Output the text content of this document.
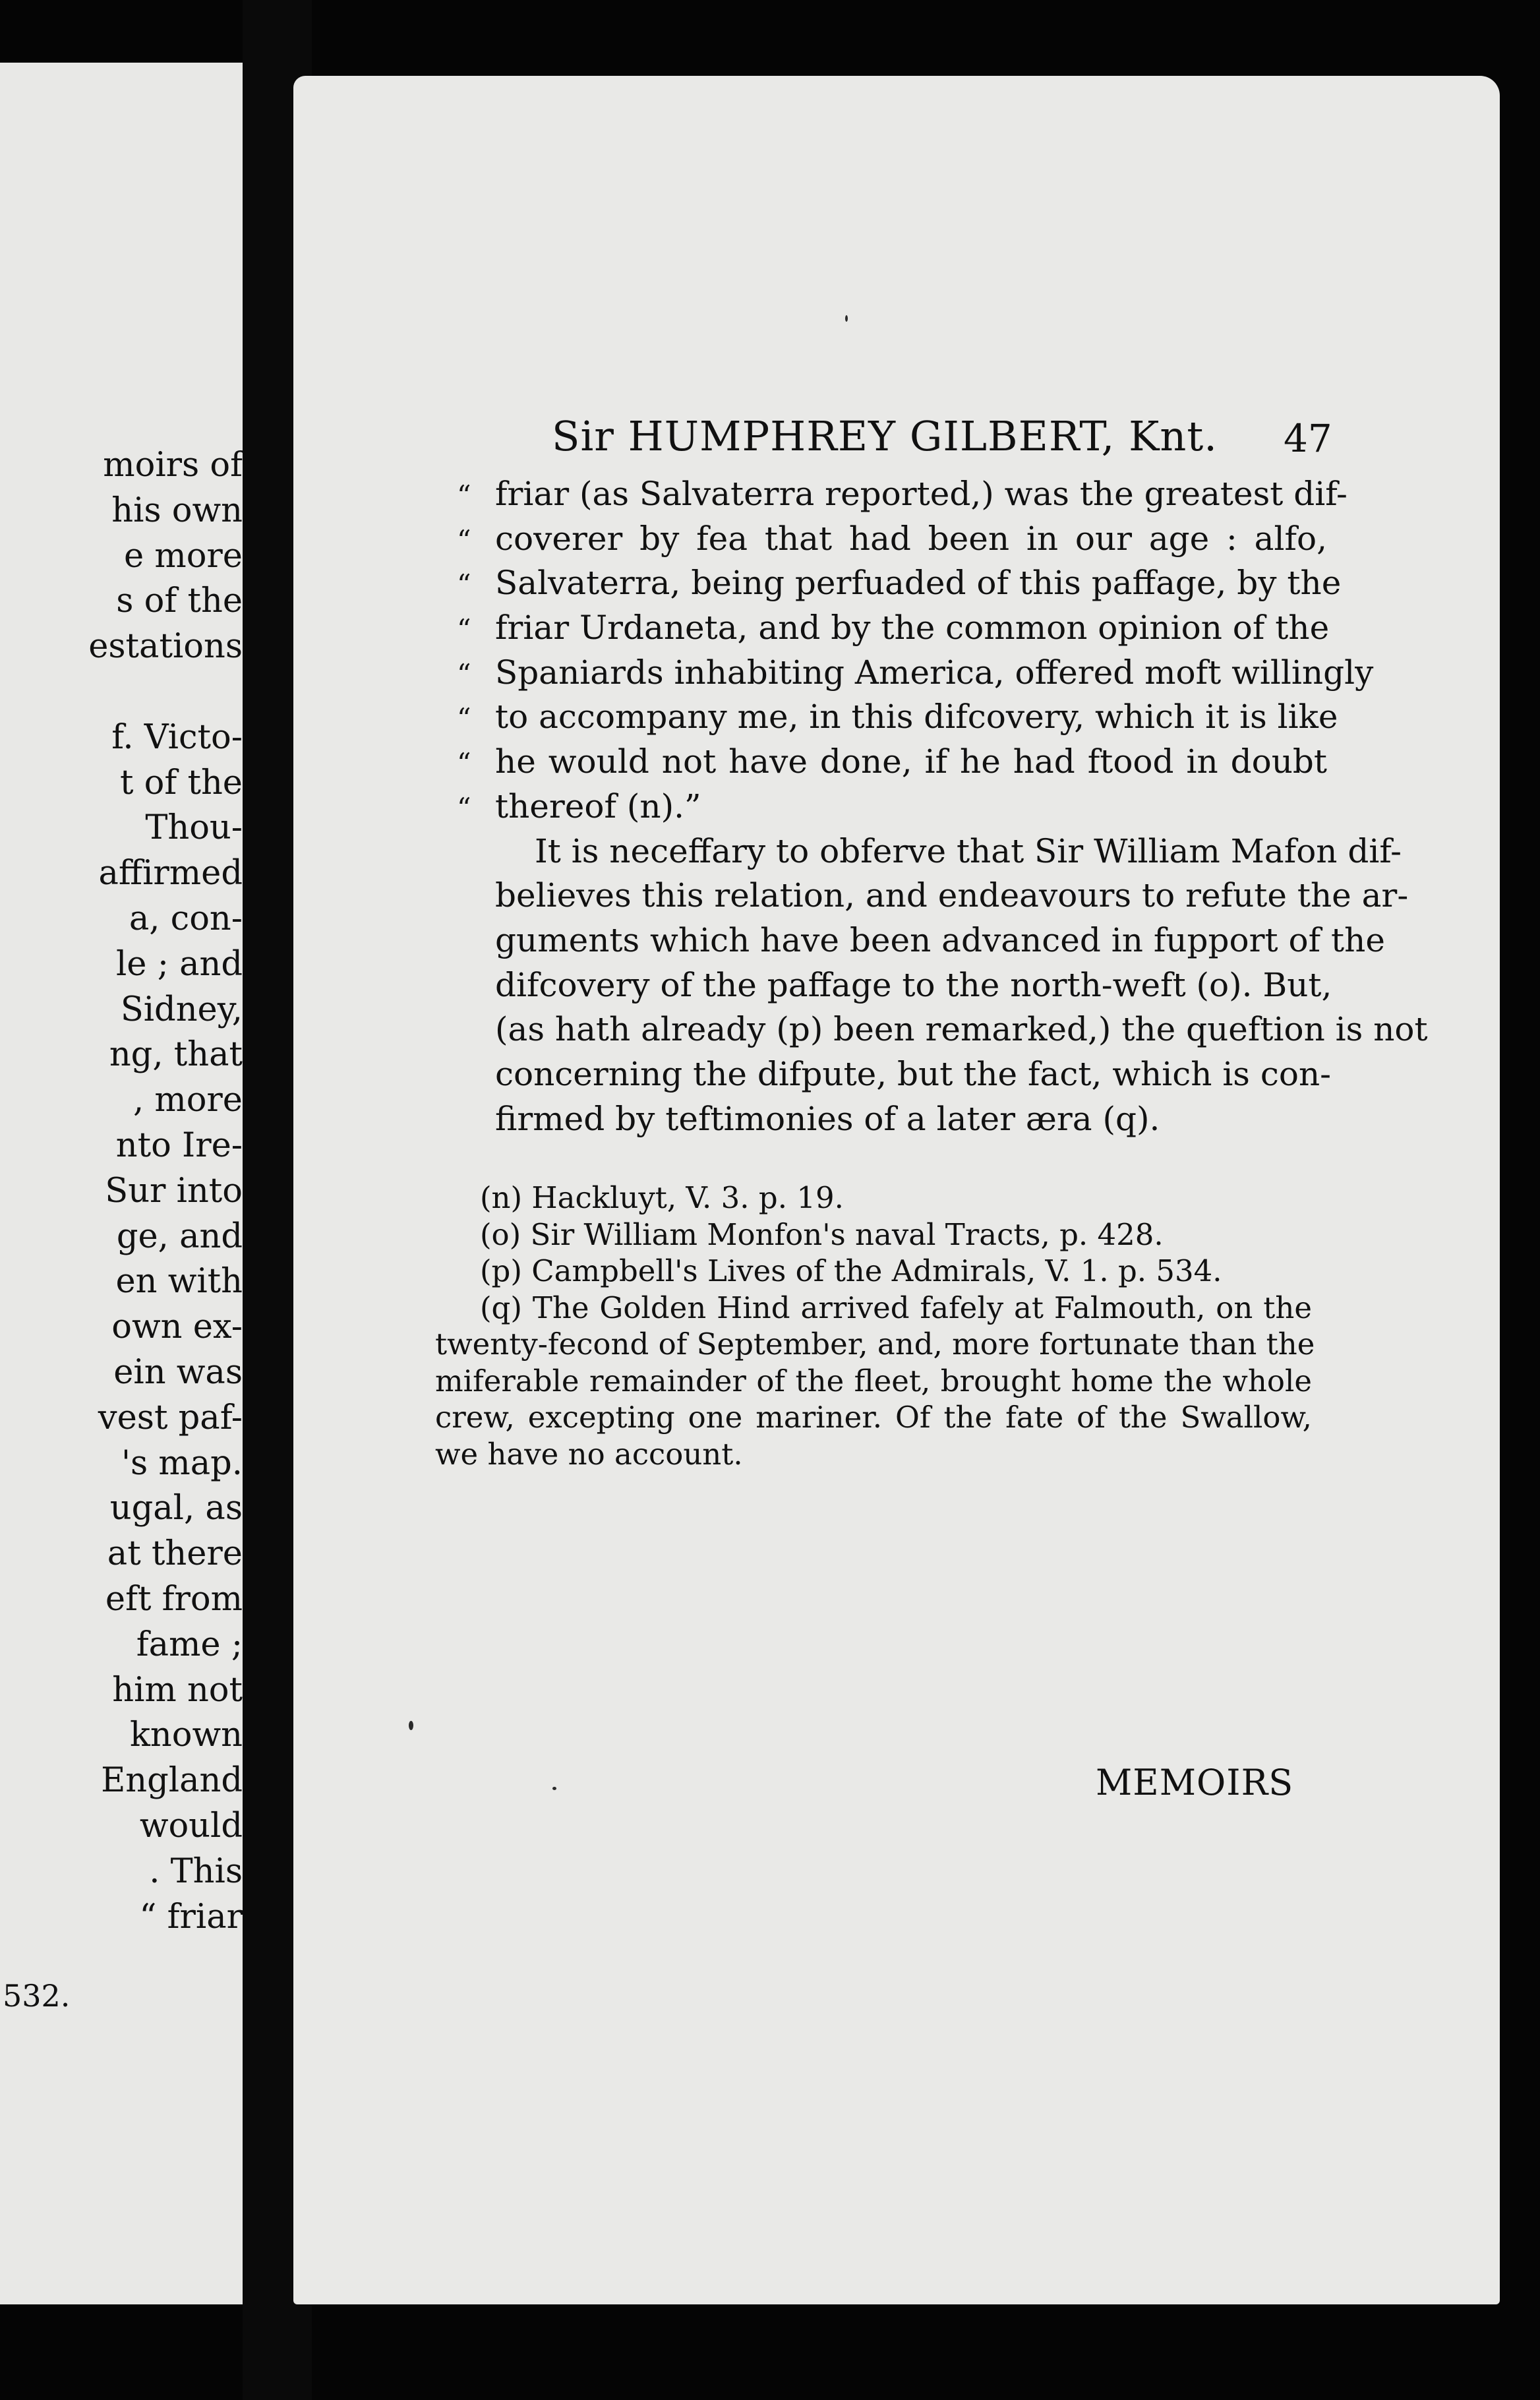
moirs of
his own
e more
s of the
estations
f. Victo-
t of the
Thou-
affirmed
a, con-
le ; and
Sidney,
ng, that
, more
nto Ire-
Sur into
ge, and
en with
own ex-
ein was
vest paf-
's map.
ugal, as
at there
eft from
fame ;
him not
known
England
would
. This
“ friar
532.
Sir HUMPHREY GILBERT, Knt. 47
“ friar (as Salvaterra reported,) was the greatest dif-
“ coverer by fea that had been in our age : alfo,
“ Salvaterra, being perfuaded of this paffage, by the
“ friar Urdaneta, and by the common opinion of the
“ Spaniards inhabiting America, offered moft willingly
“ to accompany me, in this difcovery, which it is like
“ he would not have done, if he had ftood in doubt
“ thereof (n).”
It is neceffary to obferve that Sir William Mafon dif-
believes this relation, and endeavours to refute the ar-
guments which have been advanced in fupport of the
difcovery of the paffage to the north-weft (o). But,
(as hath already (p) been remarked,) the queftion is not
concerning the difpute, but the fact, which is con-
firmed by teftimonies of a later æra (q).
(n) Hackluyt, V. 3. p. 19.
(o) Sir William Monfon's naval Tracts, p. 428.
(p) Campbell's Lives of the Admirals, V. 1. p. 534.
(q) The Golden Hind arrived fafely at Falmouth, on the
twenty-fecond of September, and, more fortunate than the
miferable remainder of the fleet, brought home the whole
crew, excepting one mariner. Of the fate of the Swallow,
we have no account.
MEMOIRS
